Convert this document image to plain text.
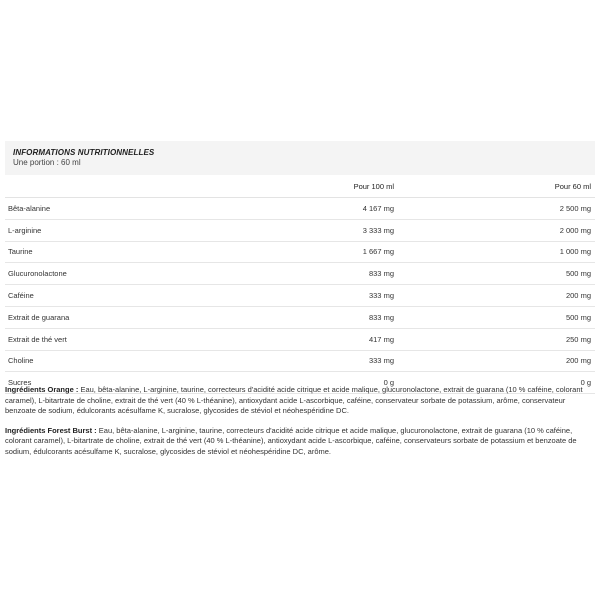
INFORMATIONS NUTRITIONNELLES
Une portion : 60 ml
	Pour 100 ml	Pour 60 ml
Bêta-alanine	4 167 mg	2 500 mg
L-arginine	3 333 mg	2 000 mg
Taurine	1 667 mg	1 000 mg
Glucuronolactone	833 mg	500 mg
Caféine	333 mg	200 mg
Extrait de guarana	833 mg	500 mg
Extrait de thé vert	417 mg	250 mg
Choline	333 mg	200 mg
Sucres	0 g	0 g

Ingrédients Orange : Eau, bêta-alanine, L-arginine, taurine, correcteurs d'acidité acide citrique et acide malique, glucuronolactone, extrait de guarana (10 % caféine, colorant caramel), L-bitartrate de choline, extrait de thé vert (40 % L-théanine), antioxydant acide L-ascorbique, caféine, conservateur sorbate de potassium, arôme, conservateur benzoate de sodium, édulcorants acésulfame K, sucralose, glycosides de stéviol et néohespéridine DC.

Ingrédients Forest Burst : Eau, bêta-alanine, L-arginine, taurine, correcteurs d'acidité acide citrique et acide malique, glucuronolactone, extrait de guarana (10 % caféine, colorant caramel), L-bitartrate de choline, extrait de thé vert (40 % L-théanine), antioxydant acide L-ascorbique, caféine, conservateurs sorbate de potassium et benzoate de sodium, édulcorants acésulfame K, sucralose, glycosides de stéviol et néohespéridine DC, arôme.
